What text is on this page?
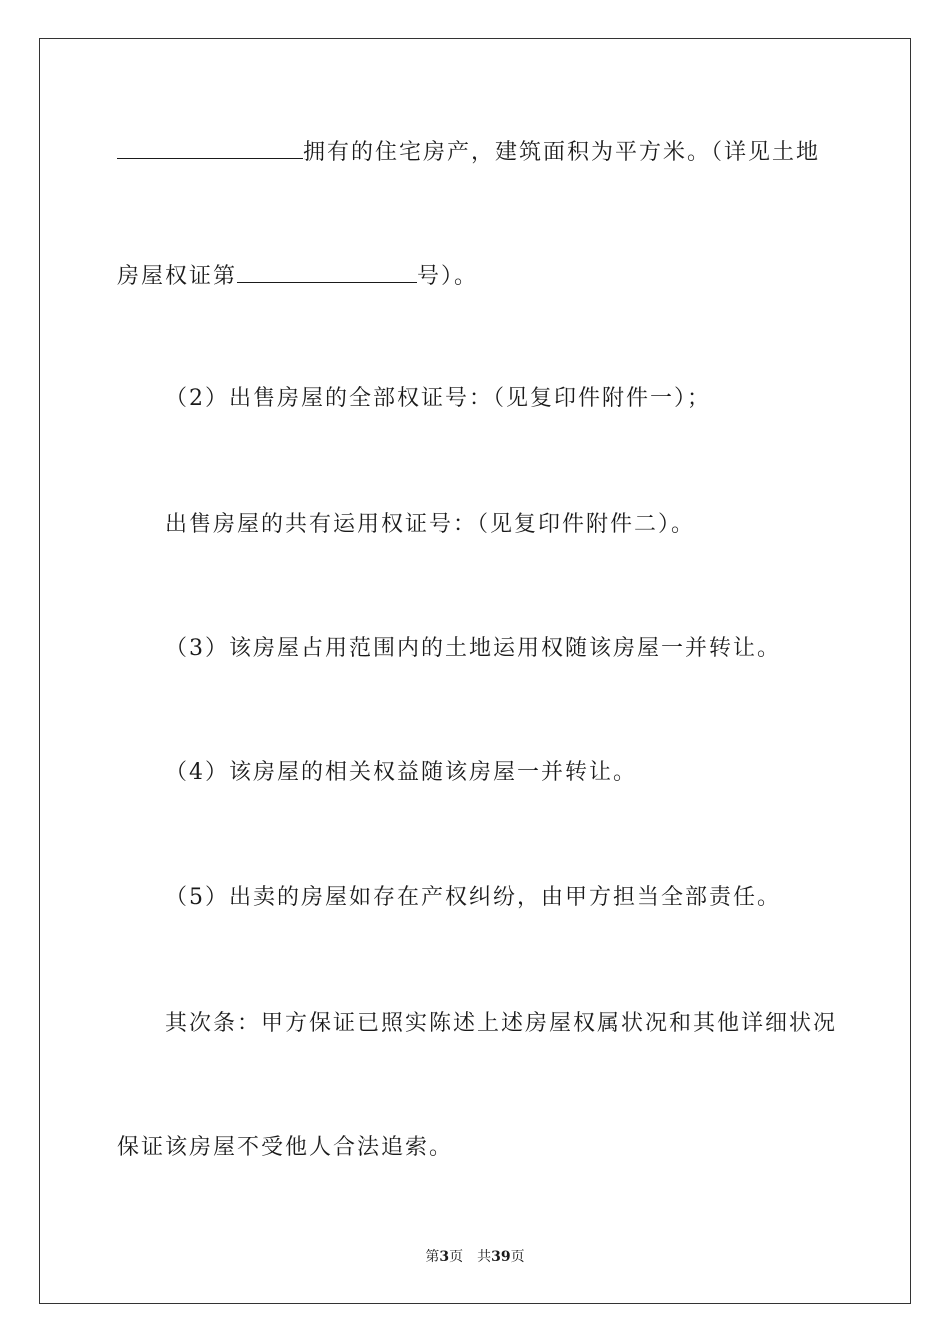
拥有的住宅房产，建筑面积为平方米。（详见土地
房屋权证第	号）。
（2）出售房屋的全部权证号：（见复印件附件一）；
出售房屋的共有运用权证号：（见复印件附件二）。
（3）该房屋占用范围内的土地运用权随该房屋一并转让。
（4）该房屋的相关权益随该房屋一并转让。
（5）出卖的房屋如存在产权纠纷，由甲方担当全部责任。
其次条：甲方保证已照实陈述上述房屋权属状况和其他详细状况
保证该房屋不受他人合法追索。
第3页　共39页
